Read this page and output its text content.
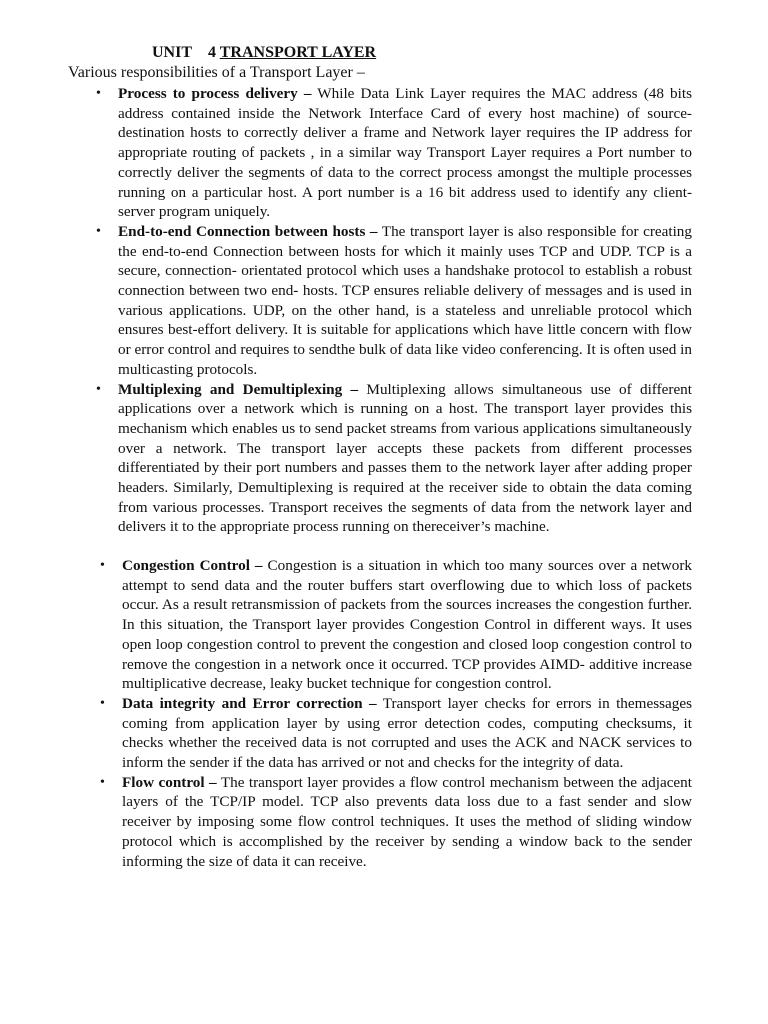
UNIT 4 TRANSPORT LAYER
Various responsibilities of a Transport Layer –
• Process to process delivery – While Data Link Layer requires the MAC address (48 bits address contained inside the Network Interface Card of every host machine) of source-destination hosts to correctly deliver a frame and Network layer requires the IP address for appropriate routing of packets , in a similar way Transport Layer requires a Port number to correctly deliver the segments of data to the correct process amongst the multiple processes running on a particular host. A port number is a 16 bit address used to identify any client-server program uniquely.
• End-to-end Connection between hosts – The transport layer is also responsible for creating the end-to-end Connection between hosts for which it mainly uses TCP and UDP. TCP is a secure, connection- orientated protocol which uses a handshake protocol to establish a robust connection between two end- hosts. TCP ensures reliable delivery of messages and is used in various applications. UDP, on the other hand, is a stateless and unreliable protocol which ensures best-effort delivery. It is suitable for applications which have little concern with flow or error control and requires to sendthe bulk of data like video conferencing. It is often used in multicasting protocols.
• Multiplexing and Demultiplexing – Multiplexing allows simultaneous use of different applications over a network which is running on a host. The transport layer provides this mechanism which enables us to send packet streams from various applications simultaneously over a network. The transport layer accepts these packets from different processes differentiated by their port numbers and passes them to the network layer after adding proper headers. Similarly, Demultiplexing is required at the receiver side to obtain the data coming from various processes. Transport receives the segments of data from the network layer and delivers it to the appropriate process running on thereceiver’s machine.
• Congestion Control – Congestion is a situation in which too many sources over a network attempt to send data and the router buffers start overflowing due to which loss of packets occur. As a result retransmission of packets from the sources increases the congestion further. In this situation, the Transport layer provides Congestion Control in different ways. It uses open loop congestion control to prevent the congestion and closed loop congestion control to remove the congestion in a network once it occurred. TCP provides AIMD- additive increase multiplicative decrease, leaky bucket technique for congestion control.
• Data integrity and Error correction – Transport layer checks for errors in themessages coming from application layer by using error detection codes, computing checksums, it checks whether the received data is not corrupted and uses the ACK and NACK services to inform the sender if the data has arrived or not and checks for the integrity of data.
• Flow control – The transport layer provides a flow control mechanism between the adjacent layers of the TCP/IP model. TCP also prevents data loss due to a fast sender and slow receiver by imposing some flow control techniques. It uses the method of sliding window protocol which is accomplished by the receiver by sending a window back to the sender informing the size of data it can receive.
